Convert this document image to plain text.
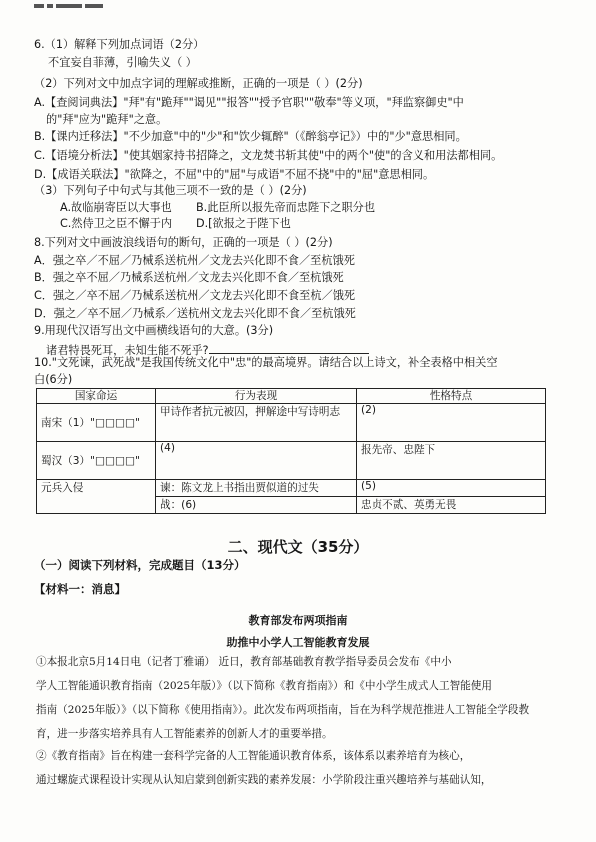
6.（1）解释下列加点词语（2分）
不宜妄自菲薄，引喻失义（ ）
（2）下列对文中加点字词的理解或推断，正确的一项是（ ）(2分)
A.【查阅词典法】"拜"有"跪拜""谒见""报答""授予官职""敬奉"等义项，"拜监察御史"中
的"拜"应为"跪拜"之意。
B.【课内迁移法】"不少加意"中的"少"和"饮少辄醉"（《醉翁亭记》）中的"少"意思相同。
C.【语境分析法】"使其姻家持书招降之，文龙焚书斩其使"中的两个"使"的含义和用法都相同。
D.【成语关联法】"欲降之，不屈"中的"屈"与成语"不屈不挠"中的"屈"意思相同。
（3）下列句子中句式与其他三项不一致的是（ ）(2分)
A.故临崩寄臣以大事也 B.此臣所以报先帝而忠陛下之职分也
C.然侍卫之臣不懈于内 D.[欲报之于陛下也
8.下列对文中画波浪线语句的断句，正确的一项是（ ）(2分)
A．强之卒／不屈／乃械系送杭州／文龙去兴化即不食／至杭饿死
B．强之卒不屈／乃械系送杭州／文龙去兴化即不食／至杭饿死
C．强之／卒不屈／乃械系送杭州／文龙去兴化即不食至杭／饿死
D．强之／卒不屈／乃械系／送杭州文龙去兴化即不食／至杭饿死
9.用现代汉语写出文中画横线语句的大意。(3分)
诸君特畏死耳，未知生能不死乎?
10."文死谏，武死战"是我国传统文化中"忠"的最高境界。请结合以上诗文，补全表格中相关空
白(6分)
国家命运	行为表现	性格特点
南宋（1）"□□□□"	甲诗作者抗元被囚，押解途中写诗明志	(2)
蜀汉（3）"□□□□"	(4)	报先帝、忠陛下
元兵入侵	谏：陈文龙上书指出贾似道的过失	(5)
	战：(6)	忠贞不贰、英勇无畏
二、现代文（35分）
（一）阅读下列材料，完成题目（13分）
【材料一：消息】
教育部发布两项指南
助推中小学人工智能教育发展
①本报北京5月14日电（记者丁雅诵） 近日，教育部基础教育教学指导委员会发布《中小
学人工智能通识教育指南（2025年版）》（以下简称《教育指南》）和《中小学生成式人工智能使用
指南（2025年版）》（以下简称《使用指南》）。此次发布两项指南，旨在为科学规范推进人工智能全学段教
育，进一步落实培养具有人工智能素养的创新人才的重要举措。
②《教育指南》旨在构建一套科学完备的人工智能通识教育体系，该体系以素养培育为核心，
通过螺旋式课程设计实现从认知启蒙到创新实践的素养发展：小学阶段注重兴趣培养与基础认知，
